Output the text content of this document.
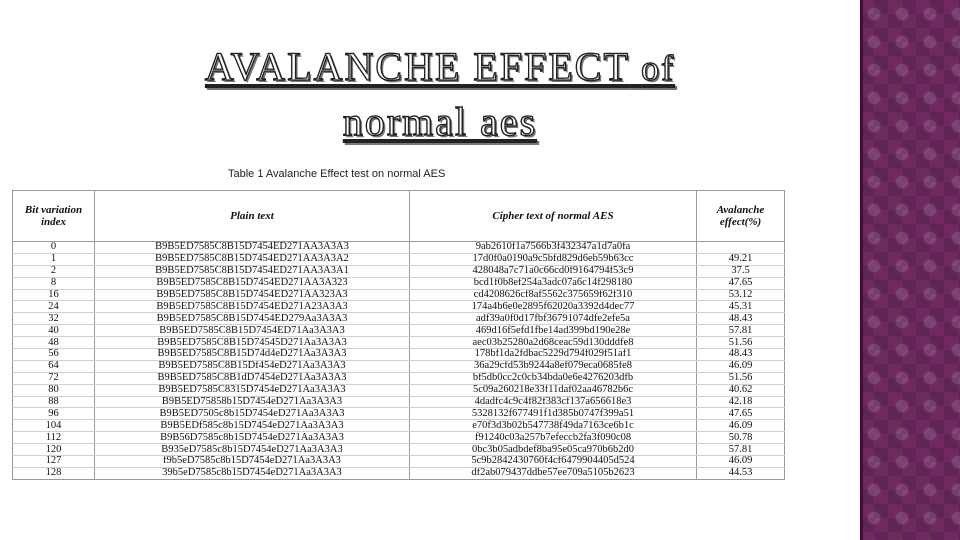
AVALANCHE EFFECT of
normal aes
Table 1 Avalanche Effect test on normal AES
Bit variation index	Plain text	Cipher text of normal AES	Avalanche effect(%)
0	B9B5ED7585C8B15D7454ED271AA3A3A3	9ab2610f1a7566b3f432347a1d7a0fa	
1	B9B5ED7585C8B15D7454ED271AA3A3A2	17d0f0a0190a9c5bfd829d6eb59b63cc	49.21
2	B9B5ED7585C8B15D7454ED271AA3A3A1	428048a7c71a0c66cd0f9164794f53c9	37.5
8	B9B5ED7585C8B15D7454ED271AA3A323	bcd1f0b8ef254a3adc07a6c14f298180	47.65
16	B9B5ED7585C8B15D7454ED271AA323A3	cd4208626cf8af5562c375659f62f310	53.12
24	B9B5ED7585C8B15D7454ED271A23A3A3	174a4b6e0e2895f62020a3392d4dec77	45.31
32	B9B5ED7585C8B15D7454ED279Aa3A3A3	adf39a0f0d17fbf36791074dfe2efe5a	48.43
40	B9B5ED7585C8B15D7454ED71Aa3A3A3	469d16f5efd1fbe14ad399bd190e28e	57.81
48	B9B5ED7585C8B15D74545D271Aa3A3A3	aec03b25280a2d68ceac59d130dddfe8	51.56
56	B9B5ED7585C8B15D74d4eD271Aa3A3A3	178bf1da2fdbac5229d794f029f51af1	48.43
64	B9B5ED7585C8B15Df454eD271Aa3A3A3	36a29cfd53b9244a8ef079eca0685fe8	46.09
72	B9B5ED7585C8B1dD7454eD271Aa3A3A3	bf5db0cc2c0cb34bda0e6e4276203dfb	51.56
80	B9B5ED7585C8315D7454eD271Aa3A3A3	5c09a260218e33f11daf02aa46782b6c	40.62
88	B9B5ED75858b15D7454eD271Aa3A3A3	4dadfc4c9c4f82f383cf137a656618e3	42.18
96	B9B5ED7505c8b15D7454eD271Aa3A3A3	5328132f677491f1d385b0747f399a51	47.65
104	B9B5EDf585c8b15D7454eD271Aa3A3A3	e70f3d3b02b547738f49da7163ce6b1c	46.09
112	B9B56D7585c8b15D7454eD271Aa3A3A3	f91240c03a257b7efeccb2fa3f090c08	50.78
120	B935eD7585c8b15D7454eD271Aa3A3A3	0bc3b05adbdef8ba95e05ca970b6b2d0	57.81
127	f9b5eD7585c8b15D7454eD271Aa3A3A3	5c9b2842430760f4cf6479904405d524	46.09
128	39b5eD7585c8b15D7454eD271Aa3A3A3	df2ab079437ddbe57ee709a5105b2623	44.53
